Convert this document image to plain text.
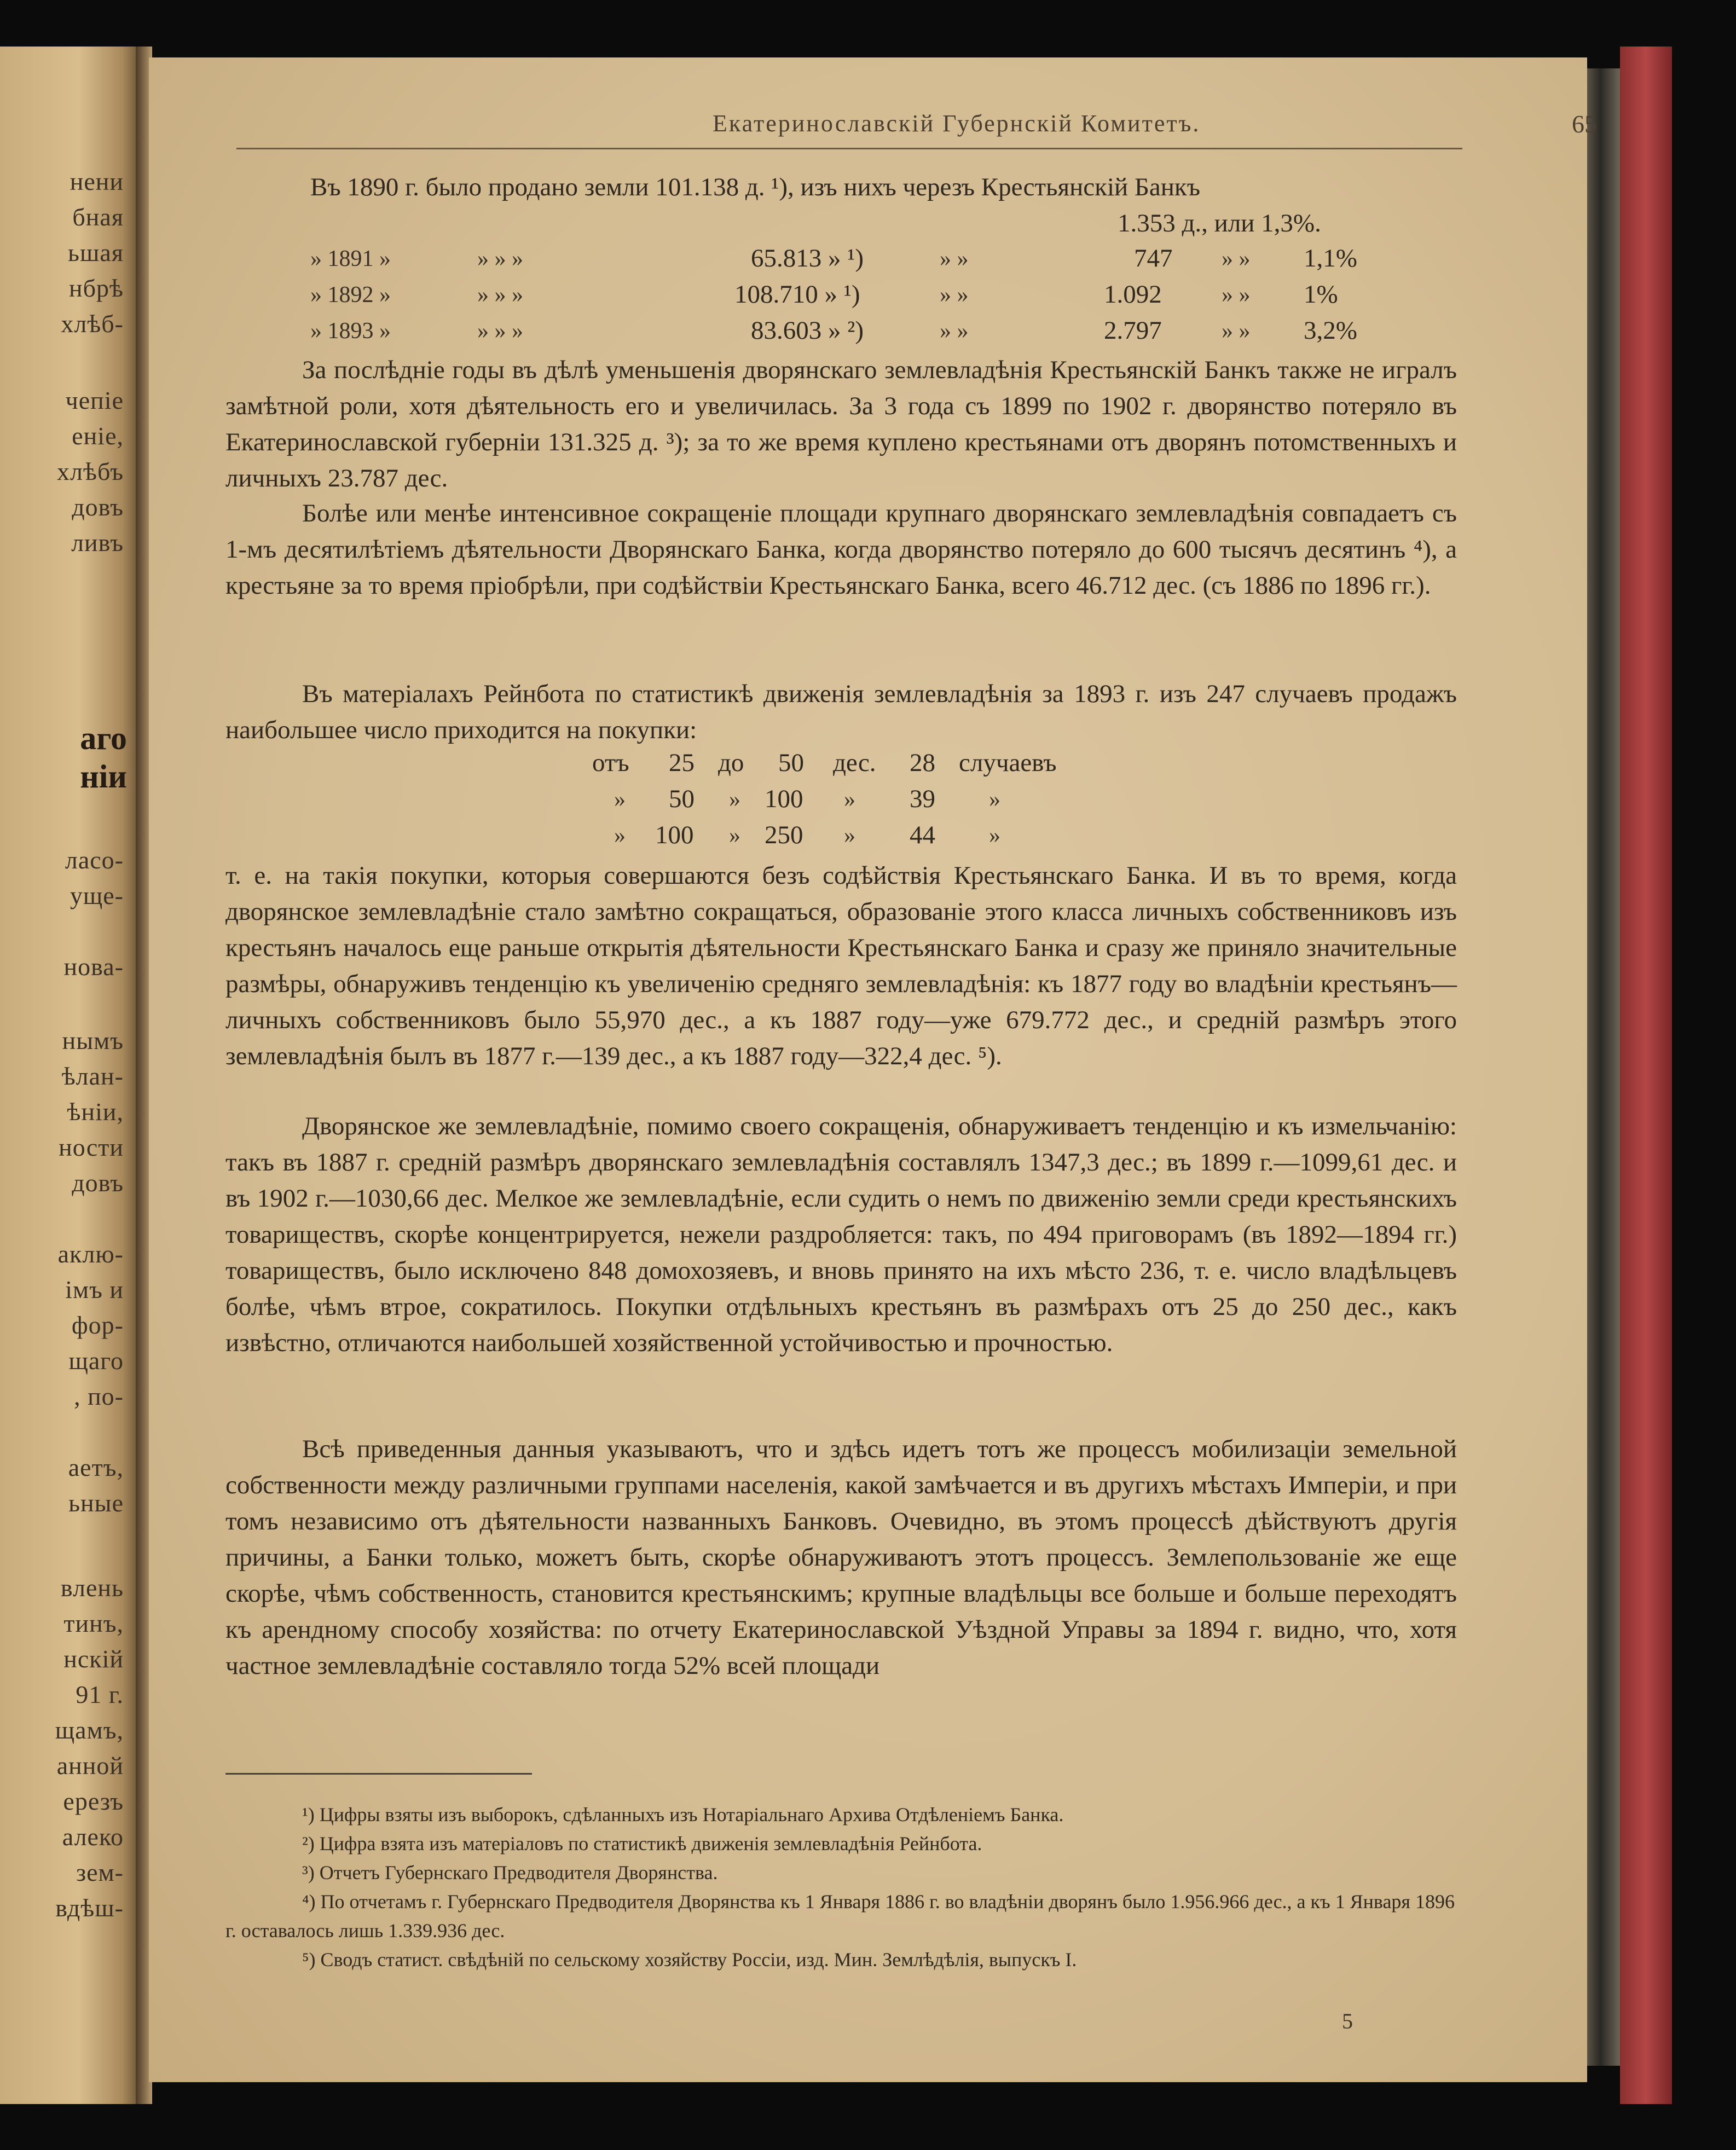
нени
бная
ьшая
нбрѣ
хлѣб-
чепіе
еніе,
хлѣбъ
довъ
ливъ
ласо-
уще-
нова-
нымъ
ѣлан-
ѣніи,
ности
довъ
аклю-
імъ и
фор-
щаго
, по-
аетъ,
ьные
влень
тинъ,
нскій
91 г.
щамъ,
анной
ерезъ
алеко
зем-
вдѣш-
аго
ніи
Екатеринославскій Губернскій Комитетъ.	65
Въ 1890 г. было продано земли 101.138 д. ¹), изъ нихъ черезъ Крестьянскій Банкъ
1.353 д., или 1,3%.
» 1891 »	» » »	65.813 » ¹)	» »	747 » » 1,1%
» 1892 »	» » »	108.710 » ¹)	» »	1.092	» » 1%
» 1893 »	» » »	83.603 » ²)	» »	2.797	» » 3,2%
За послѣдніе годы въ дѣлѣ уменьшенія дворянскаго землевладѣнія Крестьянскій Банкъ также не игралъ замѣтной роли, хотя дѣятельность его и увеличилась. За 3 года съ 1899 по 1902 г. дворянство потеряло въ Екатеринославской губерніи 131.325 д. ³); за то же время куплено крестьянами отъ дворянъ потомственныхъ и личныхъ 23.787 дес.
Болѣе или менѣе интенсивное сокращеніе площади крупнаго дворянскаго землевладѣнія совпадаетъ съ 1-мъ десятилѣтіемъ дѣятельности Дворянскаго Банка, когда дворянство потеряло до 600 тысячъ десятинъ ⁴), а крестьяне за то время пріобрѣли, при содѣйствіи Крестьянскаго Банка, всего 46.712 дес. (съ 1886 по 1896 гг.).
Въ матеріалахъ Рейнбота по статистикѣ движенія землевладѣнія за 1893 г. изъ 247 случаевъ продажъ наибольшее число приходится на покупки:
отъ 25 до 50 дес. 28 случаевъ
» 50 » 100 » 39 »
» 100 » 250 » 44 »
т. е. на такія покупки, которыя совершаются безъ содѣйствія Крестьянскаго Банка. И въ то время, когда дворянское землевладѣніе стало замѣтно сокращаться, образованіе этого класса личныхъ собственниковъ изъ крестьянъ началось еще раньше открытія дѣятельности Крестьянскаго Банка и сразу же приняло значительные размѣры, обнаруживъ тенденцію къ увеличенію средняго землевладѣнія: къ 1877 году во владѣніи крестьянъ—личныхъ собственниковъ было 55,970 дес., а къ 1887 году—уже 679.772 дес., и средній размѣръ этого землевладѣнія былъ въ 1877 г.—139 дес., а къ 1887 году—322,4 дес. ⁵).
Дворянское же землевладѣніе, помимо своего сокращенія, обнаруживаетъ тенденцію и къ измельчанію: такъ въ 1887 г. средній размѣръ дворянскаго землевладѣнія составлялъ 1347,3 дес.; въ 1899 г.—1099,61 дес. и въ 1902 г.—1030,66 дес. Мелкое же землевладѣніе, если судить о немъ по движенію земли среди крестьянскихъ товариществъ, скорѣе концентрируется, нежели раздробляется: такъ, по 494 приговорамъ (въ 1892—1894 гг.) товариществъ, было исключено 848 домохозяевъ, и вновь принято на ихъ мѣсто 236, т. е. число владѣльцевъ болѣе, чѣмъ втрое, сократилось. Покупки отдѣльныхъ крестьянъ въ размѣрахъ отъ 25 до 250 дес., какъ извѣстно, отличаются наибольшей хозяйственной устойчивостью и прочностью.
Всѣ приведенныя данныя указываютъ, что и здѣсь идетъ тотъ же процессъ мобилизаціи земельной собственности между различными группами населенія, какой замѣчается и въ другихъ мѣстахъ Имперіи, и при томъ независимо отъ дѣятельности названныхъ Банковъ. Очевидно, въ этомъ процессѣ дѣйствуютъ другія причины, а Банки только, можетъ быть, скорѣе обнаруживаютъ этотъ процессъ. Землепользованіе же еще скорѣе, чѣмъ собственность, становится крестьянскимъ; крупные владѣльцы все больше и больше переходятъ къ арендному способу хозяйства: по отчету Екатеринославской Уѣздной Управы за 1894 г. видно, что, хотя частное землевладѣніе составляло тогда 52% всей площади
¹) Цифры взяты изъ выборокъ, сдѣланныхъ изъ Нотаріальнаго Архива Отдѣленіемъ Банка.
²) Цифра взята изъ матеріаловъ по статистикѣ движенія землевладѣнія Рейнбота.
³) Отчетъ Губернскаго Предводителя Дворянства.
⁴) По отчетамъ г. Губернскаго Предводителя Дворянства къ 1 Января 1886 г. во владѣніи дворянъ было 1.956.966 дес., а къ 1 Января 1896 г. оставалось лишь 1.339.936 дес.
⁵) Сводъ статист. свѣдѣній по сельскому хозяйству Россіи, изд. Мин. Землѣдѣлія, выпускъ I.
5
